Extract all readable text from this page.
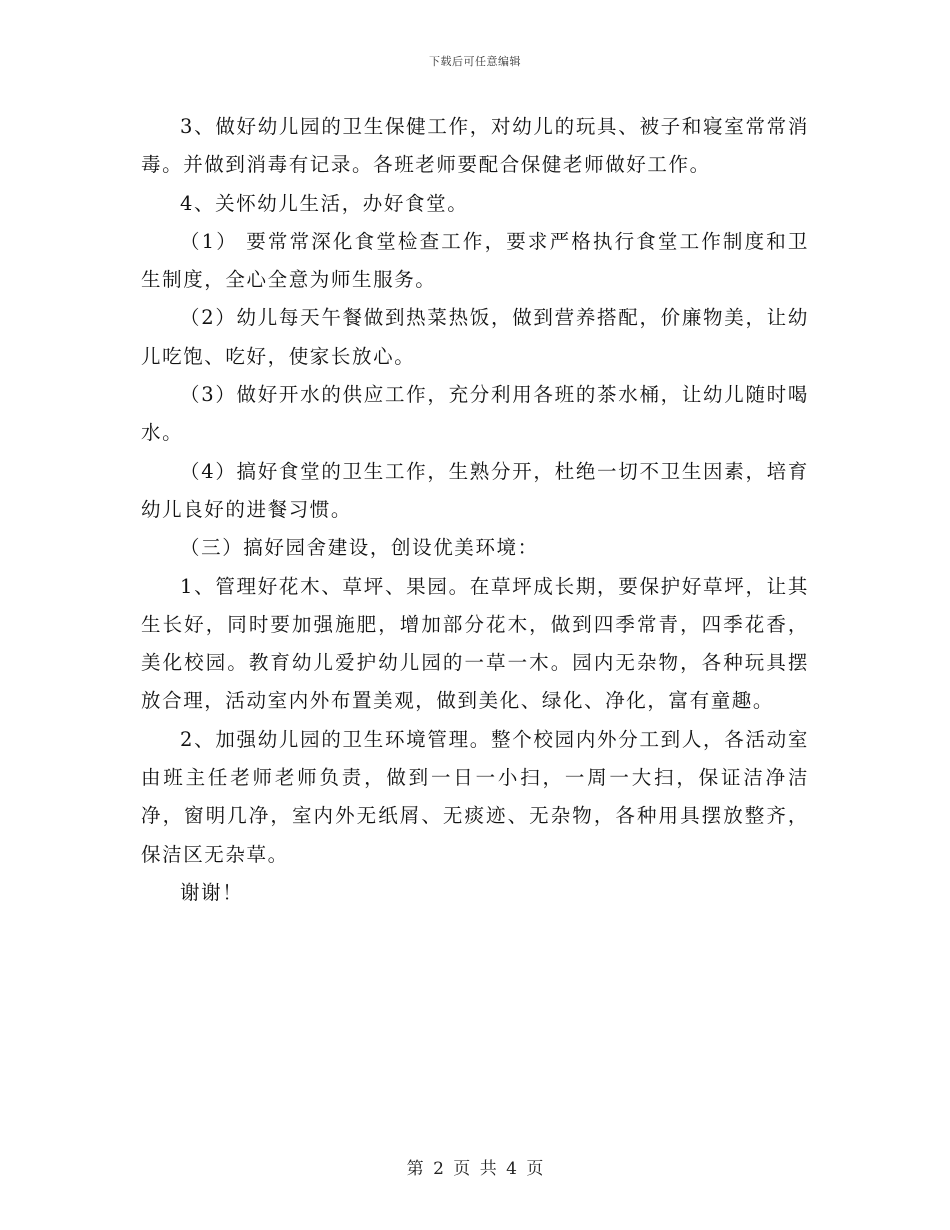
下载后可任意编辑

3、做好幼儿园的卫生保健工作，对幼儿的玩具、被子和寝室常常消毒。并做到消毒有记录。各班老师要配合保健老师做好工作。

4、关怀幼儿生活，办好食堂。

（1） 要常常深化食堂检查工作，要求严格执行食堂工作制度和卫生制度，全心全意为师生服务。

（2）幼儿每天午餐做到热菜热饭，做到营养搭配，价廉物美，让幼儿吃饱、吃好，使家长放心。

（3）做好开水的供应工作，充分利用各班的茶水桶，让幼儿随时喝水。

（4）搞好食堂的卫生工作，生熟分开，杜绝一切不卫生因素，培育幼儿良好的进餐习惯。

（三）搞好园舍建设，创设优美环境：

1、管理好花木、草坪、果园。在草坪成长期，要保护好草坪，让其生长好，同时要加强施肥，增加部分花木，做到四季常青，四季花香，美化校园。教育幼儿爱护幼儿园的一草一木。园内无杂物，各种玩具摆放合理，活动室内外布置美观，做到美化、绿化、净化，富有童趣。

2、加强幼儿园的卫生环境管理。整个校园内外分工到人，各活动室由班主任老师老师负责，做到一日一小扫，一周一大扫，保证洁净洁净，窗明几净，室内外无纸屑、无痰迹、无杂物，各种用具摆放整齐，保洁区无杂草。

谢谢！

第 2 页 共 4 页
